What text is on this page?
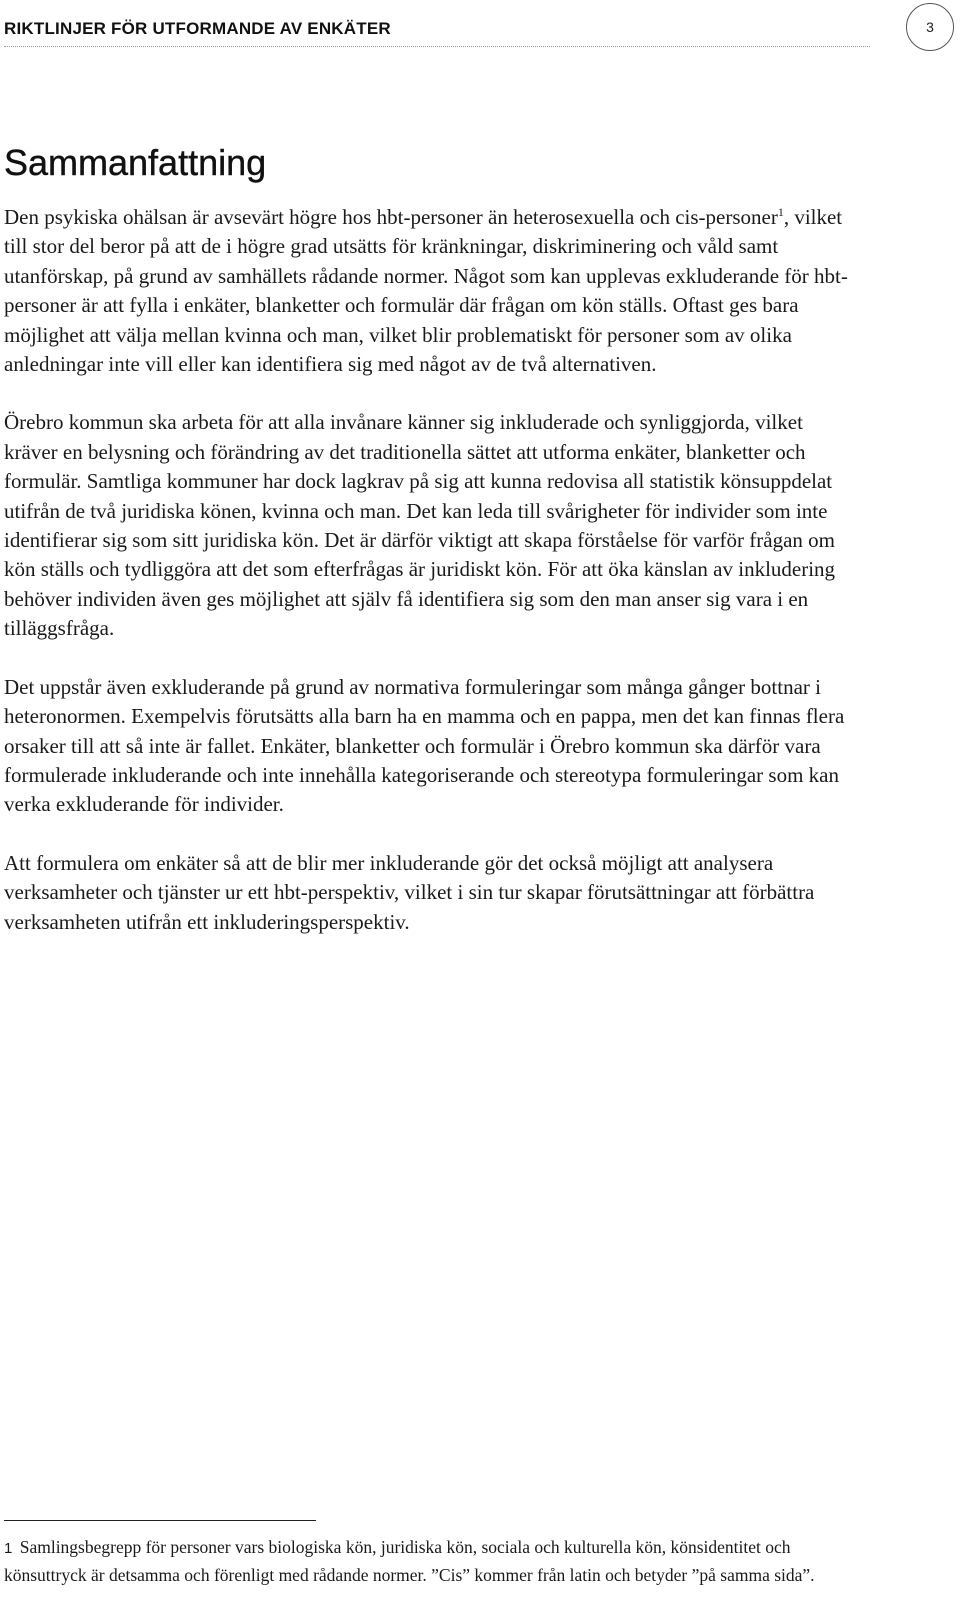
RIKTLINJER FÖR UTFORMANDE AV ENKÄTER	3
Sammanfattning

Den psykiska ohälsan är avsevärt högre hos hbt-personer än heterosexuella och cis-personer$^1$, vilket till stor del beror på att de i högre grad utsätts för kränkningar, diskriminering och våld samt utanförskap, på grund av samhällets rådande normer. Något som kan upplevas exkluderande för hbt-personer är att fylla i enkäter, blanketter och formulär där frågan om kön ställs. Oftast ges bara möjlighet att välja mellan kvinna och man, vilket blir problematiskt för personer som av olika anledningar inte vill eller kan identifiera sig med något av de två alternativen.

Örebro kommun ska arbeta för att alla invånare känner sig inkluderade och synliggjorda, vilket kräver en belysning och förändring av det traditionella sättet att utforma enkäter, blanketter och formulär. Samtliga kommuner har dock lagkrav på sig att kunna redovisa all statistik könsuppdelat utifrån de två juridiska könen, kvinna och man. Det kan leda till svårigheter för individer som inte identifierar sig som sitt juridiska kön. Det är därför viktigt att skapa förståelse för varför frågan om kön ställs och tydliggöra att det som efterfrågas är juridiskt kön. För att öka känslan av inkludering behöver individen även ges möjlighet att själv få identifiera sig som den man anser sig vara i en tilläggsfråga.

Det uppstår även exkluderande på grund av normativa formuleringar som många gånger bottnar i heteronormen. Exempelvis förutsätts alla barn ha en mamma och en pappa, men det kan finnas flera orsaker till att så inte är fallet. Enkäter, blanketter och formulär i Örebro kommun ska därför vara formulerade inkluderande och inte innehålla kategoriserande och stereotypa formuleringar som kan verka exkluderande för individer.

Att formulera om enkäter så att de blir mer inkluderande gör det också möjligt att analysera verksamheter och tjänster ur ett hbt-perspektiv, vilket i sin tur skapar förutsättningar att förbättra verksamheten utifrån ett inkluderingsperspektiv.

1 Samlingsbegrepp för personer vars biologiska kön, juridiska kön, sociala och kulturella kön, könsidentitet och könsuttryck är detsamma och förenligt med rådande normer. ”Cis” kommer från latin och betyder ”på samma sida”.
